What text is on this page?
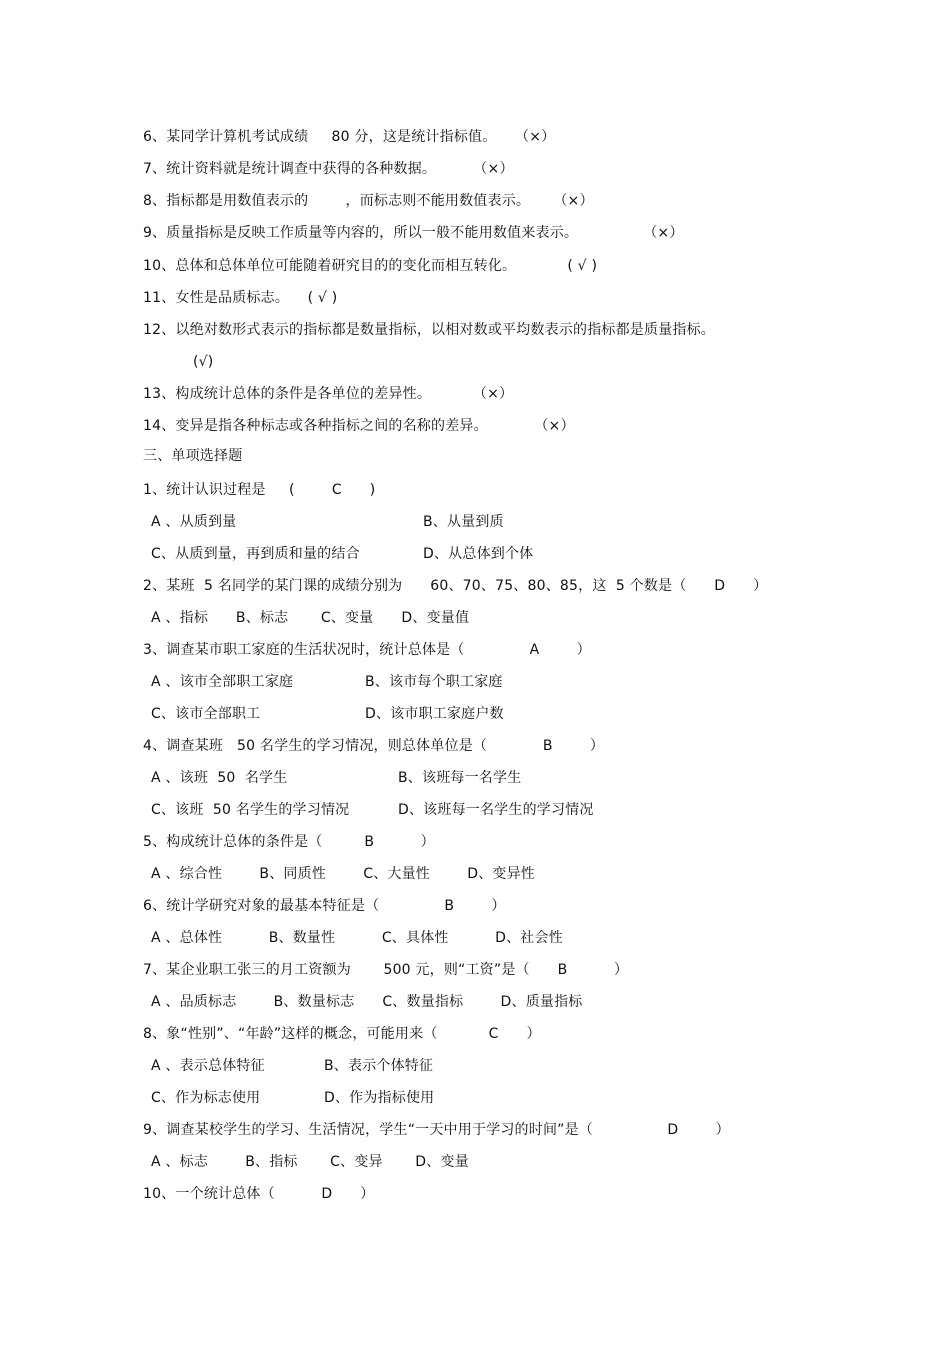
6、某同学计算机考试成绩     80 分，这是统计指标值。    （×）
7、统计资料就是统计调查中获得的各种数据。        （×）
8、指标都是用数值表示的        ，而标志则不能用数值表示。     （×）
9、质量指标是反映工作质量等内容的，所以一般不能用数值来表示。              （×）
10、总体和总体单位可能随着研究目的的变化而相互转化。           ( √ )
11、女性是品质标志。    ( √ )
12、以绝对数形式表示的指标都是数量指标，以相对数或平均数表示的指标都是质量指标。
(√)
13、构成统计总体的条件是各单位的差异性。         （×）
14、变异是指各种标志或各种指标之间的名称的差异。          （×）
三、单项选择题
1、统计认识过程是     (        C      )
A 、从质到量	B、从量到质
C、从质到量，再到质和量的结合	D、从总体到个体
2、某班  5 名同学的某门课的成绩分别为      60、70、75、80、85，这  5 个数是（      D      ）
A 、指标      B、标志       C、变量      D、变量值
3、调查某市职工家庭的生活状况时，统计总体是（              A        ）
A 、该市全部职工家庭	B、该市每个职工家庭
C、该市全部职工	D、该市职工家庭户数
4、调查某班   50 名学生的学习情况，则总体单位是（            B        ）
A 、该班  50  名学生	B、该班每一名学生
C、该班  50 名学生的学习情况	D、该班每一名学生的学习情况
5、构成统计总体的条件是（         B          ）
A 、综合性        B、同质性        C、大量性        D、变异性
6、统计学研究对象的最基本特征是（              B        ）
A 、总体性          B、数量性          C、具体性          D、社会性
7、某企业职工张三的月工资额为       500 元，则“工资”是（      B          ）
A 、品质标志        B、数量标志      C、数量指标        D、质量指标
8、象“性别”、“年龄”这样的概念，可能用来（           C      ）
A 、表示总体特征	B、表示个体特征
C、作为标志使用	D、作为指标使用
9、调查某校学生的学习、生活情况，学生“一天中用于学习的时间”是（                D        ）
A 、标志        B、指标       C、变异       D、变量
10、一个统计总体（          D      ）
